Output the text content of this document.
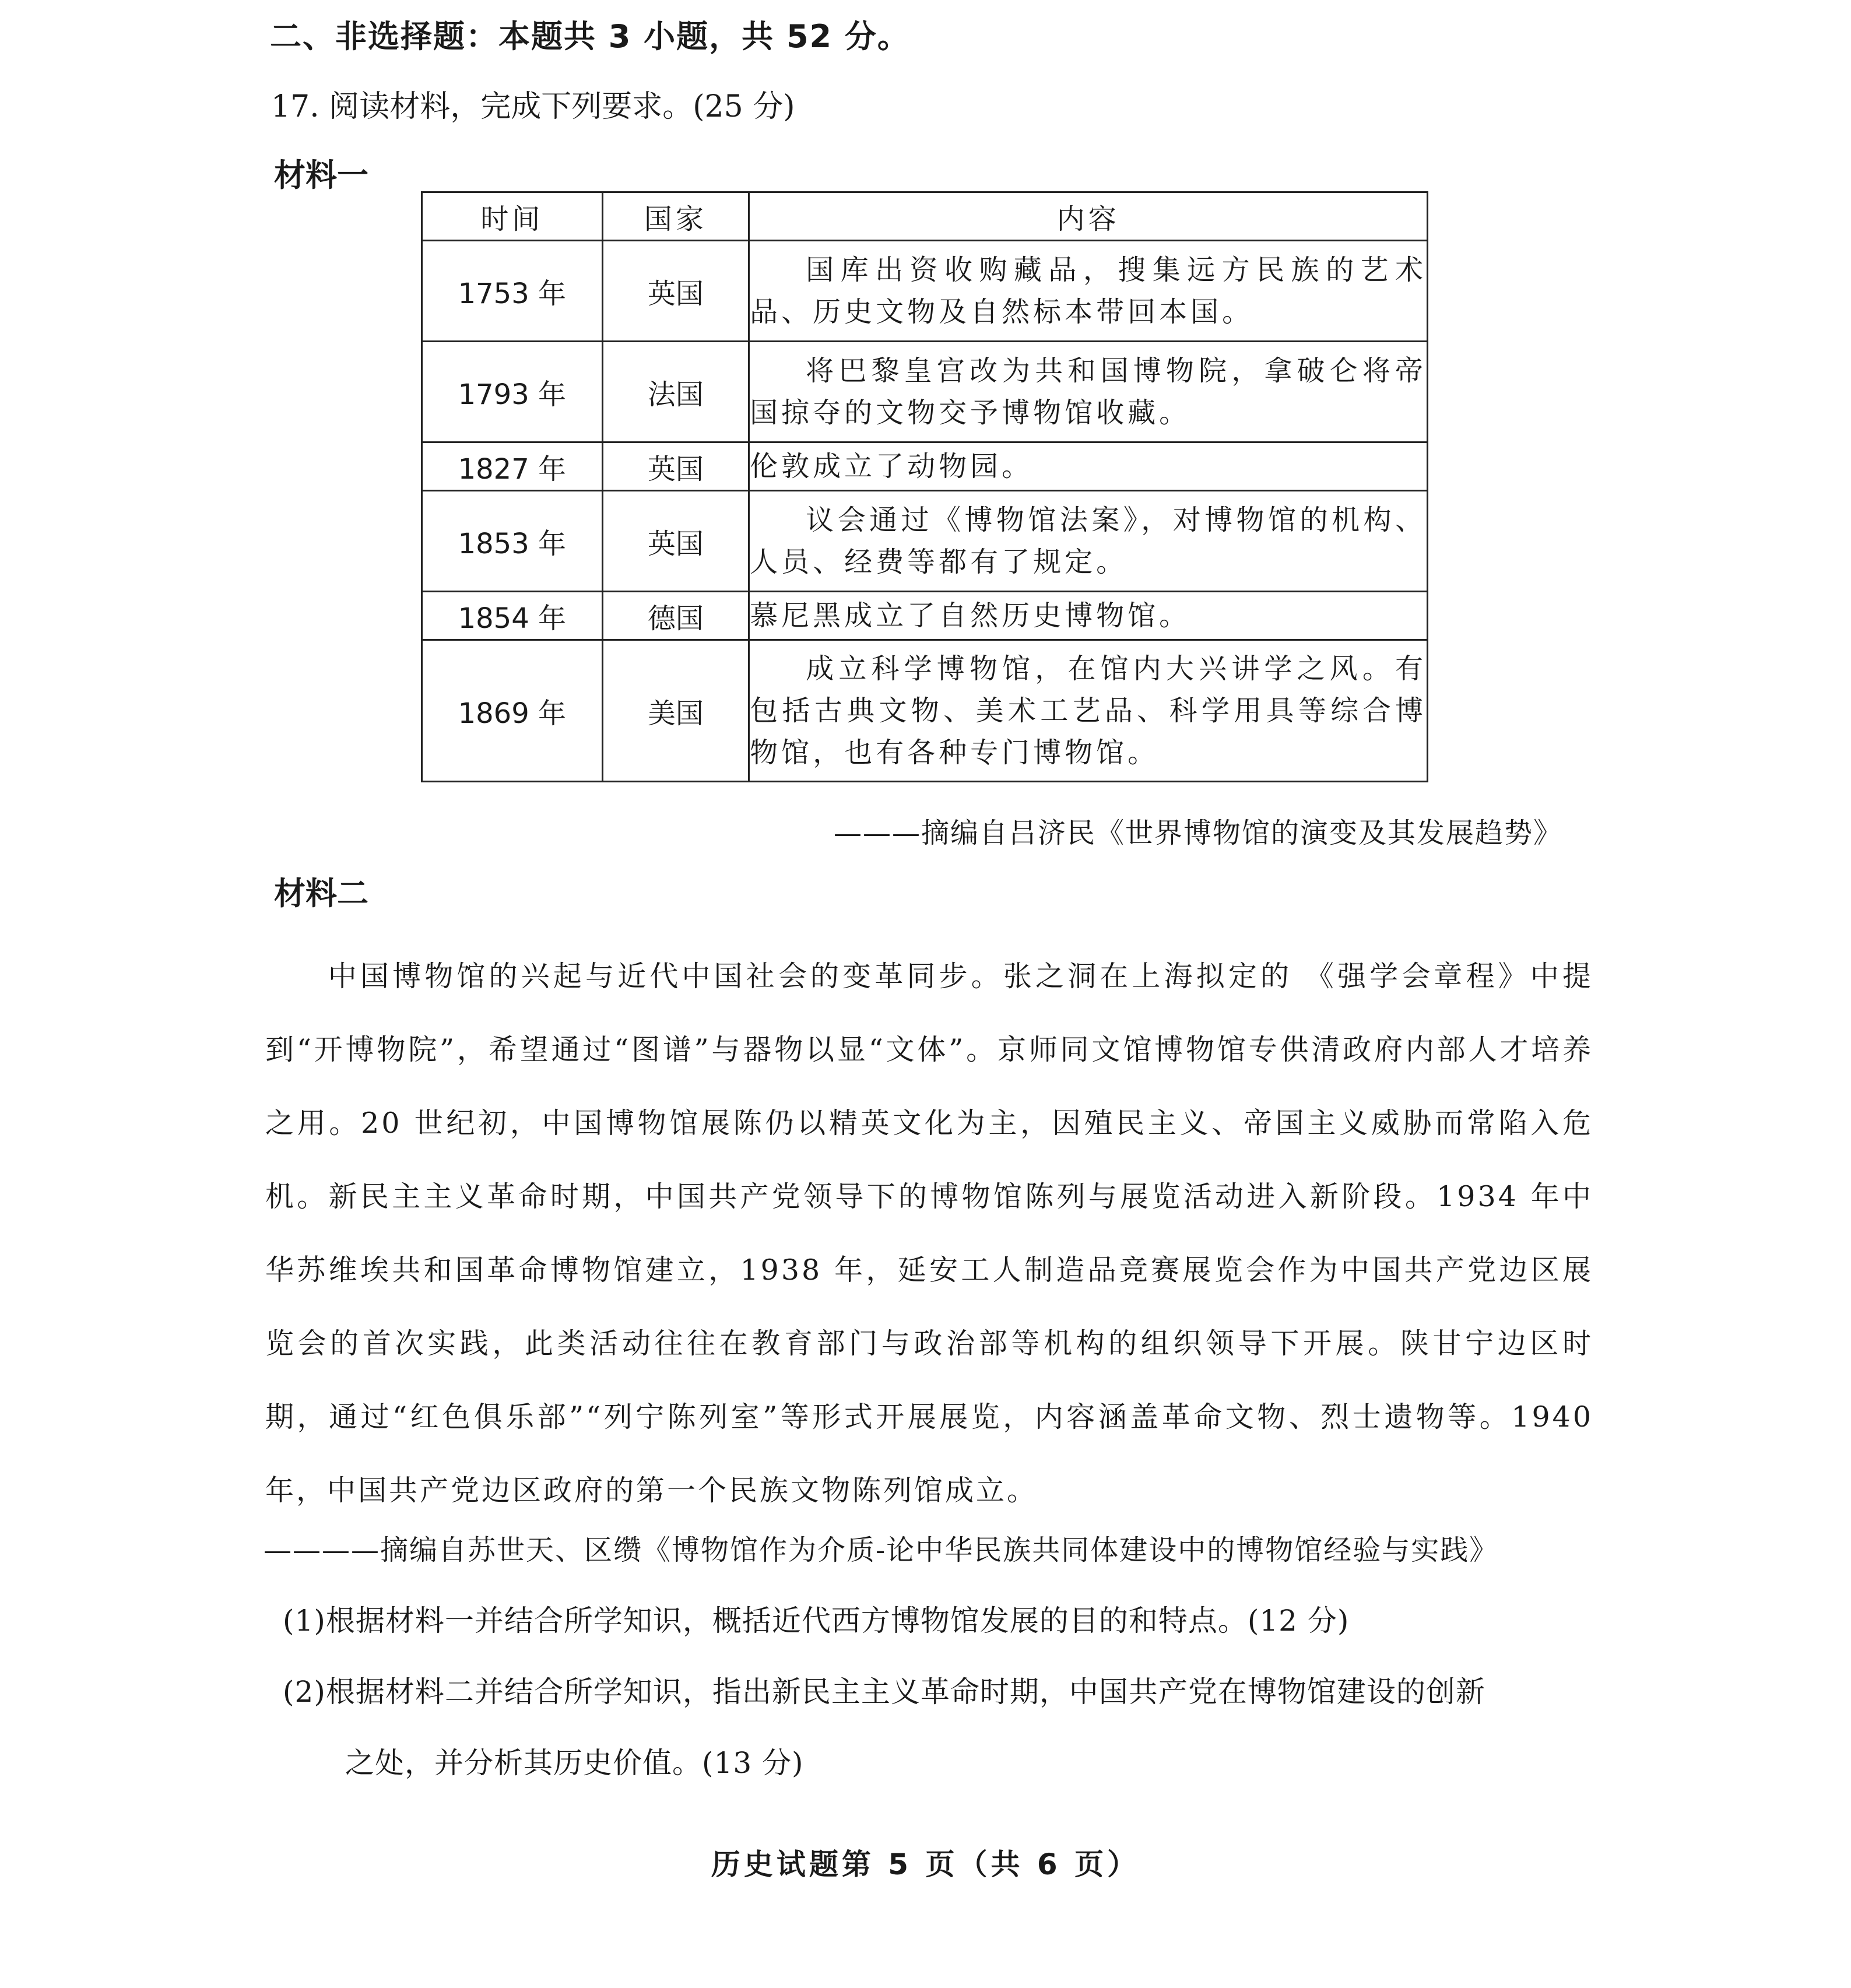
二、非选择题：本题共 3 小题，共 52 分。
17. 阅读材料，完成下列要求。(25 分)
材料一
时间	国家	内容
1753 年	英国	国库出资收购藏品，搜集远方民族的艺术品、历史文物及自然标本带回本国。
1793 年	法国	将巴黎皇宫改为共和国博物院，拿破仑将帝国掠夺的文物交予博物馆收藏。
1827 年	英国	伦敦成立了动物园。
1853 年	英国	议会通过《博物馆法案》，对博物馆的机构、人员、经费等都有了规定。
1854 年	德国	慕尼黑成立了自然历史博物馆。
1869 年	美国	成立科学博物馆，在馆内大兴讲学之风。有包括古典文物、美术工艺品、科学用具等综合博物馆，也有各种专门博物馆。
———摘编自吕济民《世界博物馆的演变及其发展趋势》
材料二
中国博物馆的兴起与近代中国社会的变革同步。张之洞在上海拟定的 《强学会章程》中提到“开博物院”，希望通过“图谱”与器物以显“文体”。京师同文馆博物馆专供清政府内部人才培养之用。20 世纪初，中国博物馆展陈仍以精英文化为主，因殖民主义、帝国主义威胁而常陷入危机。新民主主义革命时期，中国共产党领导下的博物馆陈列与展览活动进入新阶段。1934 年中华苏维埃共和国革命博物馆建立，1938 年，延安工人制造品竞赛展览会作为中国共产党边区展览会的首次实践，此类活动往往在教育部门与政治部等机构的组织领导下开展。陕甘宁边区时期，通过“红色俱乐部”“列宁陈列室”等形式开展展览，内容涵盖革命文物、烈士遗物等。1940 年，中国共产党边区政府的第一个民族文物陈列馆成立。
————摘编自苏世天、区缵《博物馆作为介质-论中华民族共同体建设中的博物馆经验与实践》
(1)根据材料一并结合所学知识，概括近代西方博物馆发展的目的和特点。(12 分)
(2)根据材料二并结合所学知识，指出新民主主义革命时期，中国共产党在博物馆建设的创新
之处，并分析其历史价值。(13 分)
历史试题第 5 页（共 6 页）
